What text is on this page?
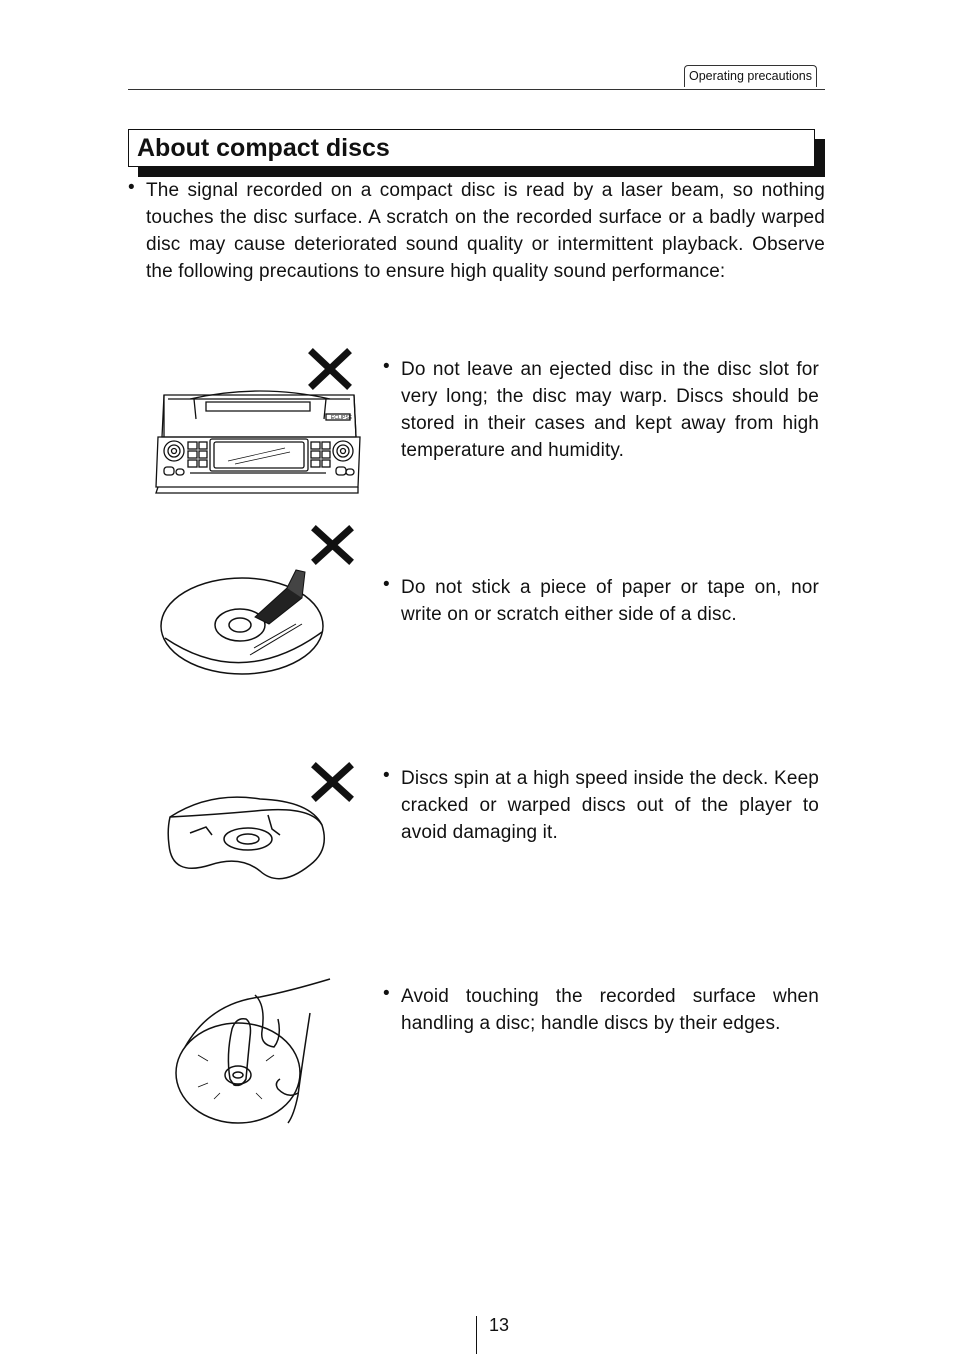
Operating precautions
About compact discs
• The signal recorded on a compact disc is read by a laser beam, so nothing touches the disc surface. A scratch on the recorded surface or a badly warped disc may cause deteriorated sound quality or intermittent playback. Observe the following precautions to ensure high quality sound performance:
ECLIPSE
• Do not leave an ejected disc in the disc slot for very long; the disc may warp. Discs should be stored in their cases and kept away from high temperature and humidity.
• Do not stick a piece of paper or tape on, nor write on or scratch either side of a disc.
• Discs spin at a high speed inside the deck. Keep cracked or warped discs out of the player to avoid damaging it.
• Avoid touching the recorded surface when handling a disc; handle discs by their edges.
13
